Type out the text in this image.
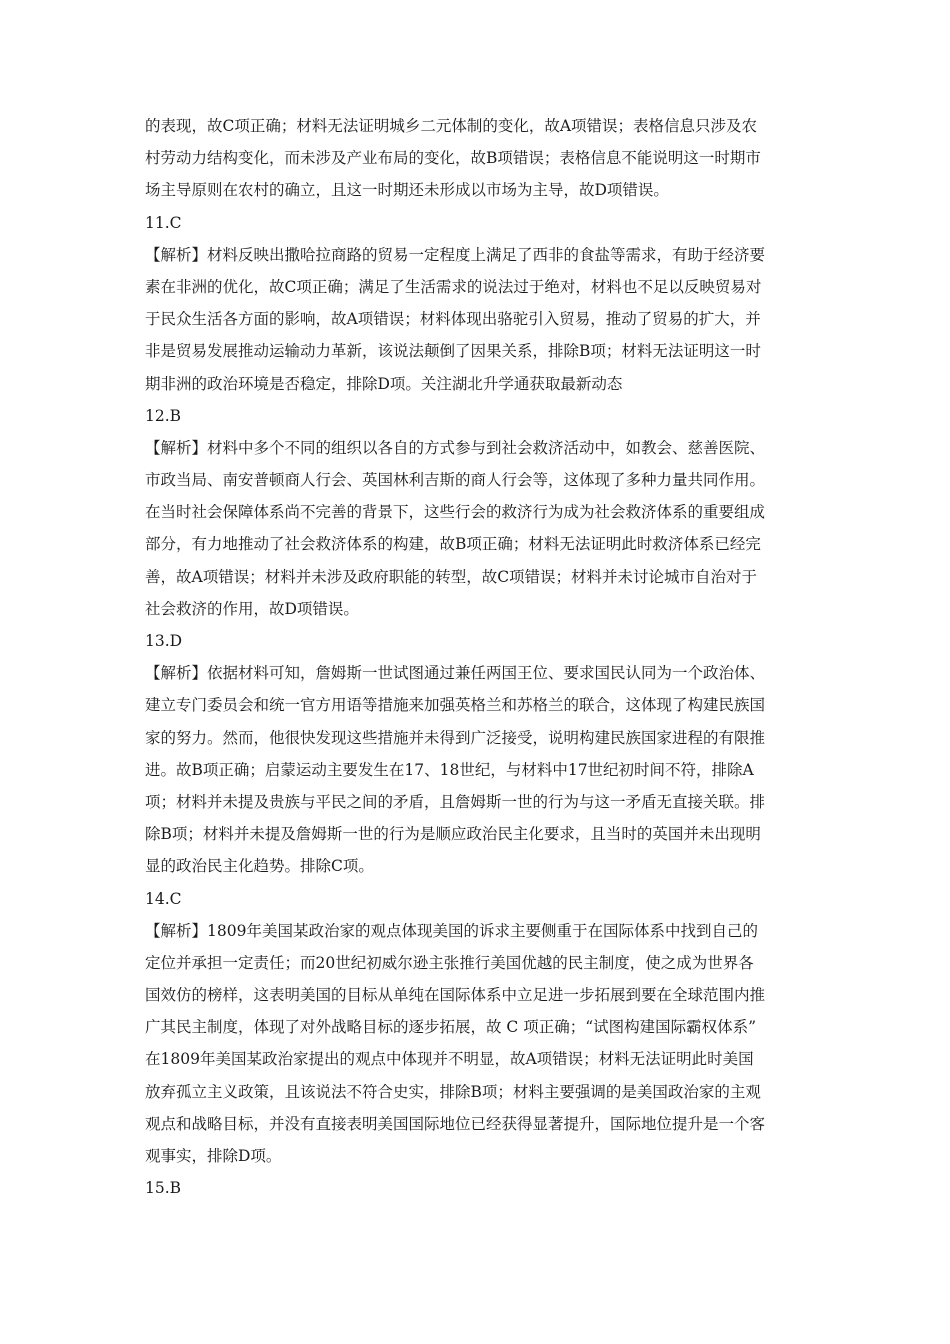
的表现，故C项正确；材料无法证明城乡二元体制的变化，故A项错误；表格信息只涉及农
村劳动力结构变化，而未涉及产业布局的变化，故B项错误；表格信息不能说明这一时期市
场主导原则在农村的确立，且这一时期还未形成以市场为主导，故D项错误。
11.C
【解析】材料反映出撒哈拉商路的贸易一定程度上满足了西非的食盐等需求，有助于经济要
素在非洲的优化，故C项正确；满足了生活需求的说法过于绝对，材料也不足以反映贸易对
于民众生活各方面的影响，故A项错误；材料体现出骆驼引入贸易，推动了贸易的扩大，并
非是贸易发展推动运输动力革新，该说法颠倒了因果关系，排除B项；材料无法证明这一时
期非洲的政治环境是否稳定，排除D项。关注湖北升学通获取最新动态
12.B
【解析】材料中多个不同的组织以各自的方式参与到社会救济活动中，如教会、慈善医院、
市政当局、南安普顿商人行会、英国林利吉斯的商人行会等，这体现了多种力量共同作用。
在当时社会保障体系尚不完善的背景下，这些行会的救济行为成为社会救济体系的重要组成
部分，有力地推动了社会救济体系的构建，故B项正确；材料无法证明此时救济体系已经完
善，故A项错误；材料并未涉及政府职能的转型，故C项错误；材料并未讨论城市自治对于
社会救济的作用，故D项错误。
13.D
【解析】依据材料可知，詹姆斯一世试图通过兼任两国王位、要求国民认同为一个政治体、
建立专门委员会和统一官方用语等措施来加强英格兰和苏格兰的联合，这体现了构建民族国
家的努力。然而，他很快发现这些措施并未得到广泛接受，说明构建民族国家进程的有限推
进。故B项正确；启蒙运动主要发生在17、18世纪，与材料中17世纪初时间不符，排除A
项；材料并未提及贵族与平民之间的矛盾，且詹姆斯一世的行为与这一矛盾无直接关联。排
除B项；材料并未提及詹姆斯一世的行为是顺应政治民主化要求，且当时的英国并未出现明
显的政治民主化趋势。排除C项。
14.C
【解析】1809年美国某政治家的观点体现美国的诉求主要侧重于在国际体系中找到自己的
定位并承担一定责任；而20世纪初威尔逊主张推行美国优越的民主制度，使之成为世界各
国效仿的榜样，这表明美国的目标从单纯在国际体系中立足进一步拓展到要在全球范围内推
广其民主制度，体现了对外战略目标的逐步拓展，故 C 项正确；“试图构建国际霸权体系”
在1809年美国某政治家提出的观点中体现并不明显，故A项错误；材料无法证明此时美国
放弃孤立主义政策，且该说法不符合史实，排除B项；材料主要强调的是美国政治家的主观
观点和战略目标，并没有直接表明美国国际地位已经获得显著提升，国际地位提升是一个客
观事实，排除D项。
15.B
